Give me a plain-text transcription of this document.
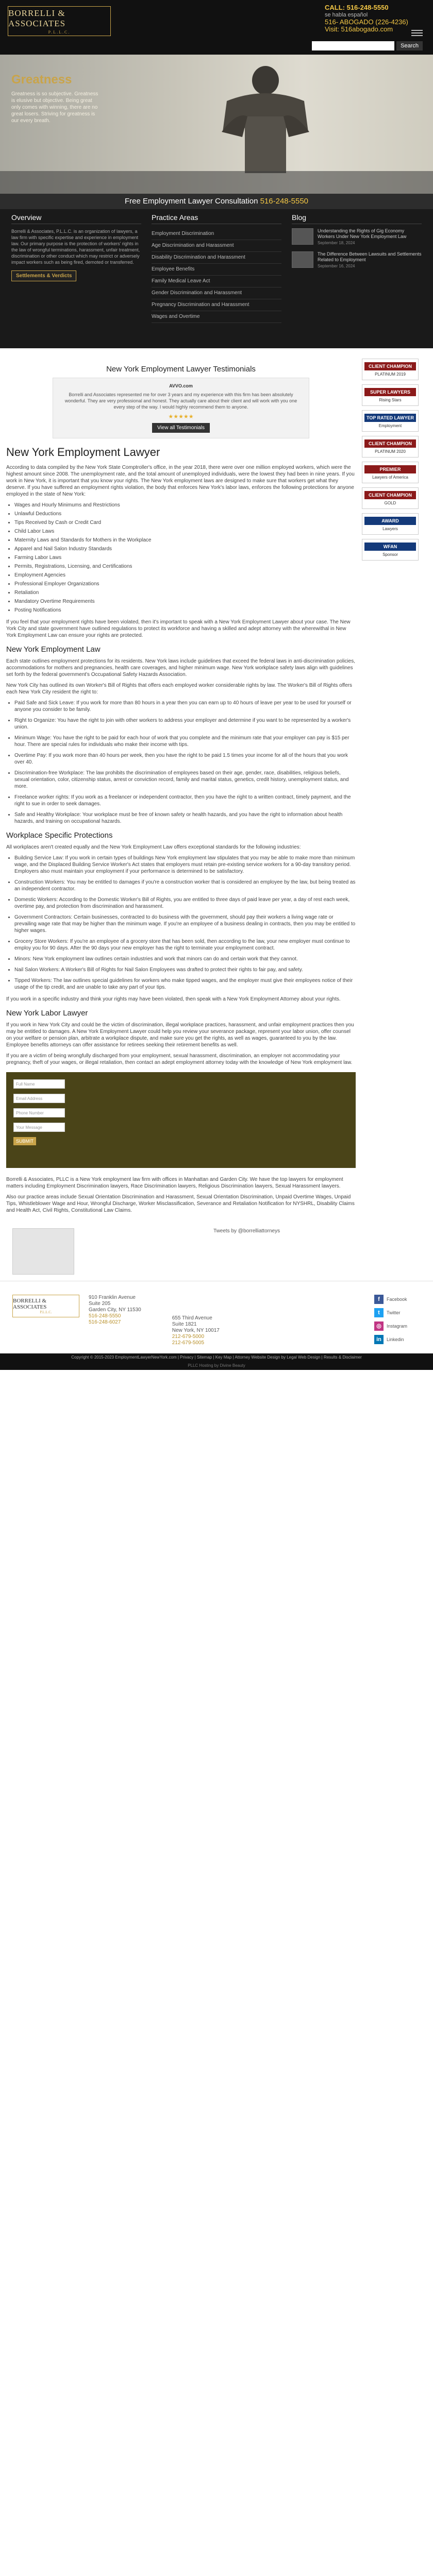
BORRELLI & ASSOCIATES
P.L.L.C.
CALL: 516-248-5550
se habla español
516- ABOGADO (226-4236)
Visit: 516abogado.com
Search
Greatness
Greatness is so subjective. Greatness is elusive but objective. Being great only comes with winning, there are no great losers. Striving for greatness is our every breath.
Free Employment Lawyer Consultation 516-248-5550
Overview

Borrelli & Associates, P.L.L.C. is an organization of lawyers, a law firm with specific expertise and experience in employment law. Our primary purpose is the protection of workers' rights in the law of wrongful terminations, harassment, unfair treatment, discrimination or other conduct which may restrict or adversely impact workers such as being fired, demoted or transferred.

Settlements & Verdicts
Practice Areas
Employment Discrimination
Age Discrimination and Harassment
Disability Discrimination and Harassment
Employee Benefits
Family Medical Leave Act
Gender Discrimination and Harassment
Pregnancy Discrimination and Harassment
Wages and Overtime
Blog
Understanding the Rights of Gig Economy Workers Under New York Employment Law
September 18, 2024
The Difference Between Lawsuits and Settlements Related to Employment
September 16, 2024
New York Employment Lawyer Testimonials
AVVO.com
Borrelli and Associates represented me for over 3 years and my experience with this firm has been absolutely wonderful. They are very professional and honest. They actually care about their client and will work with you one every step of the way. I would highly recommend them to anyone.
★★★★★
View all Testimonials
New York Employment Lawyer

According to data compiled by the New York State Comptroller's office, in the year 2018, there were over one million employed workers, which were the highest amount since 2008. The unemployment rate, and the total amount of unemployed individuals, were the lowest they had been in nine years. If you work in New York, it is important that you know your rights. The New York employment laws are designed to make sure that workers get what they deserve. If you have suffered an employment rights violation, the body that enforces New York's labor laws, enforces the following protections for anyone employed in the state of New York:

• Wages and Hourly Minimums and Restrictions
• Unlawful Deductions
• Tips Received by Cash or Credit Card
• Child Labor Laws
• Maternity Laws and Standards for Mothers in the Workplace
• Apparel and Nail Salon Industry Standards
• Farming Labor Laws
• Permits, Registrations, Licensing, and Certifications
• Employment Agencies
• Professional Employer Organizations
• Retaliation
• Mandatory Overtime Requirements
• Posting Notifications

If you feel that your employment rights have been violated, then it's important to speak with a New York Employment Lawyer about your case. The New York City and state government have outlined regulations to protect its workforce and having a skilled and adept attorney with the wherewithal in New York Employment Law can ensure your rights are protected.

New York Employment Law

Each state outlines employment protections for its residents. New York laws include guidelines that exceed the federal laws in anti-discrimination policies, accommodations for mothers and pregnancies, health care coverages, and higher minimum wage. New York workplace safety laws align with guidelines set forth by the federal government's Occupational Safety Hazards Association.

New York City has outlined its own Worker's Bill of Rights that offers each employed worker considerable rights by law. The Worker's Bill of Rights offers each New York City resident the right to:

• Paid Safe and Sick Leave: If you work for more than 80 hours in a year then you can earn up to 40 hours of leave per year to be used for yourself or anyone you consider to be family.
• Right to Organize: You have the right to join with other workers to address your employer and determine if you want to be represented by a worker's union.
• Minimum Wage: You have the right to be paid for each hour of work that you complete and the minimum rate that your employer can pay is $15 per hour. There are special rules for individuals who make their income with tips.
• Overtime Pay: If you work more than 40 hours per week, then you have the right to be paid 1.5 times your income for all of the hours that you work over 40.
• Discrimination-free Workplace: The law prohibits the discrimination of employees based on their age, gender, race, disabilities, religious beliefs, sexual orientation, color, citizenship status, arrest or conviction record, family and marital status, genetics, credit history, unemployment status, and more.
• Freelance worker rights: If you work as a freelancer or independent contractor, then you have the right to a written contract, timely payment, and the right to sue in order to seek damages.
• Safe and Healthy Workplace: Your workplace must be free of known safety or health hazards, and you have the right to information about health hazards, and training on occupational hazards.
Workplace Specific Protections

All workplaces aren't created equally and the New York Employment Law offers exceptional standards for the following industries:

• Building Service Law: If you work in certain types of buildings New York employment law stipulates that you may be able to make more than minimum wage, and the Displaced Building Service Worker's Act states that employers must retain pre-existing service workers for a 90-day transitory period. Employers also must maintain your employment if your performance is determined to be satisfactory.
• Construction Workers: You may be entitled to damages if you're a construction worker that is considered an employee by the law, but being treated as an independent contractor.
• Domestic Workers: According to the Domestic Worker's Bill of Rights, you are entitled to three days of paid leave per year, a day of rest each week, overtime pay, and protection from discrimination and harassment.
• Government Contractors: Certain businesses, contracted to do business with the government, should pay their workers a living wage rate or prevailing wage rate that may be higher than the minimum wage. If you're an employee of a business dealing in contracts, then you may be entitled to higher wages.
• Grocery Store Workers: If you're an employee of a grocery store that has been sold, then according to the law, your new employer must continue to employ you for 90 days. After the 90 days your new employer has the right to terminate your employment contract.
• Minors: New York employment law outlines certain industries and work that minors can do and certain work that they cannot.
• Nail Salon Workers: A Worker's Bill of Rights for Nail Salon Employees was drafted to protect their rights to fair pay, and safety.
• Tipped Workers: The law outlines special guidelines for workers who make tipped wages, and the employer must give their employees notice of their usage of the tip credit, and are unable to take any part of your tips.

If you work in a specific industry and think your rights may have been violated, then speak with a New York Employment Attorney about your rights.

New York Labor Lawyer

If you work in New York City and could be the victim of discrimination, illegal workplace practices, harassment, and unfair employment practices then you may be entitled to damages. A New York Employment Lawyer could help you review your severance package, represent your labor union, offer counsel on your welfare or pension plan, arbitrate a workplace dispute, and make sure you get the rights, as well as wages, guaranteed to you by the law. Employee benefits attorneys can offer assistance for retirees seeking their retirement benefits as well.

If you are a victim of being wrongfully discharged from your employment, sexual harassment, discrimination, an employer not accommodating your pregnancy, theft of your wages, or illegal retaliation, then contact an adept employment attorney today with the knowledge of New York employment law.

Full Name
Email Address
Phone Number
Your Message
SUBMIT

Borrelli & Associates, PLLC is a New York employment law firm with offices in Manhattan and Garden City. We have the top lawyers for employment matters including Employment Discrimination lawyers, Race Discrimination lawyers, Religious Discrimination lawyers, Sexual Harassment lawyers.

Also our practice areas include Sexual Orientation Discrimination and Harassment, Sexual Orientation Discrimination, Unpaid Overtime Wages, Unpaid Tips, Whistleblower Wage and Hour, Wrongful Discharge, Worker Misclassification, Severance and Retaliation Notification for NYSHRL, Disability Claims and Health Act, Civil Rights, Constitutional Law Claims.

CLIENT CHAMPION
PLATINUM 2019
SUPER LAWYERS
Rising Stars
TOP RATED LAWYER
Employment
CLIENT CHAMPION
PLATINUM 2020
PREMIER
Lawyers of America
CLIENT CHAMPION
GOLD
AWARD
Lawyers
WFAN
Sponsor
Tweets by @borrelliattorneys
BORRELLI & ASSOCIATES
P.L.L.C.
910 Franklin Avenue
Suite 205
Garden City, NY 11530
516-248-5550
516-248-6027
655 Third Avenue
Suite 1821
New York, NY 10017
212-679-5000
212-679-5005
f	Facebook
t	Twitter
◎	Instagram
in	Linkedin
Copyright © 2015-2023 EmploymentLawyerNewYork.com | Privacy | Sitemap | Key Map | Attorney Website Design by Legal Web Design | Results & Disclaimer
PLLC Hosting by Divine Beauty
